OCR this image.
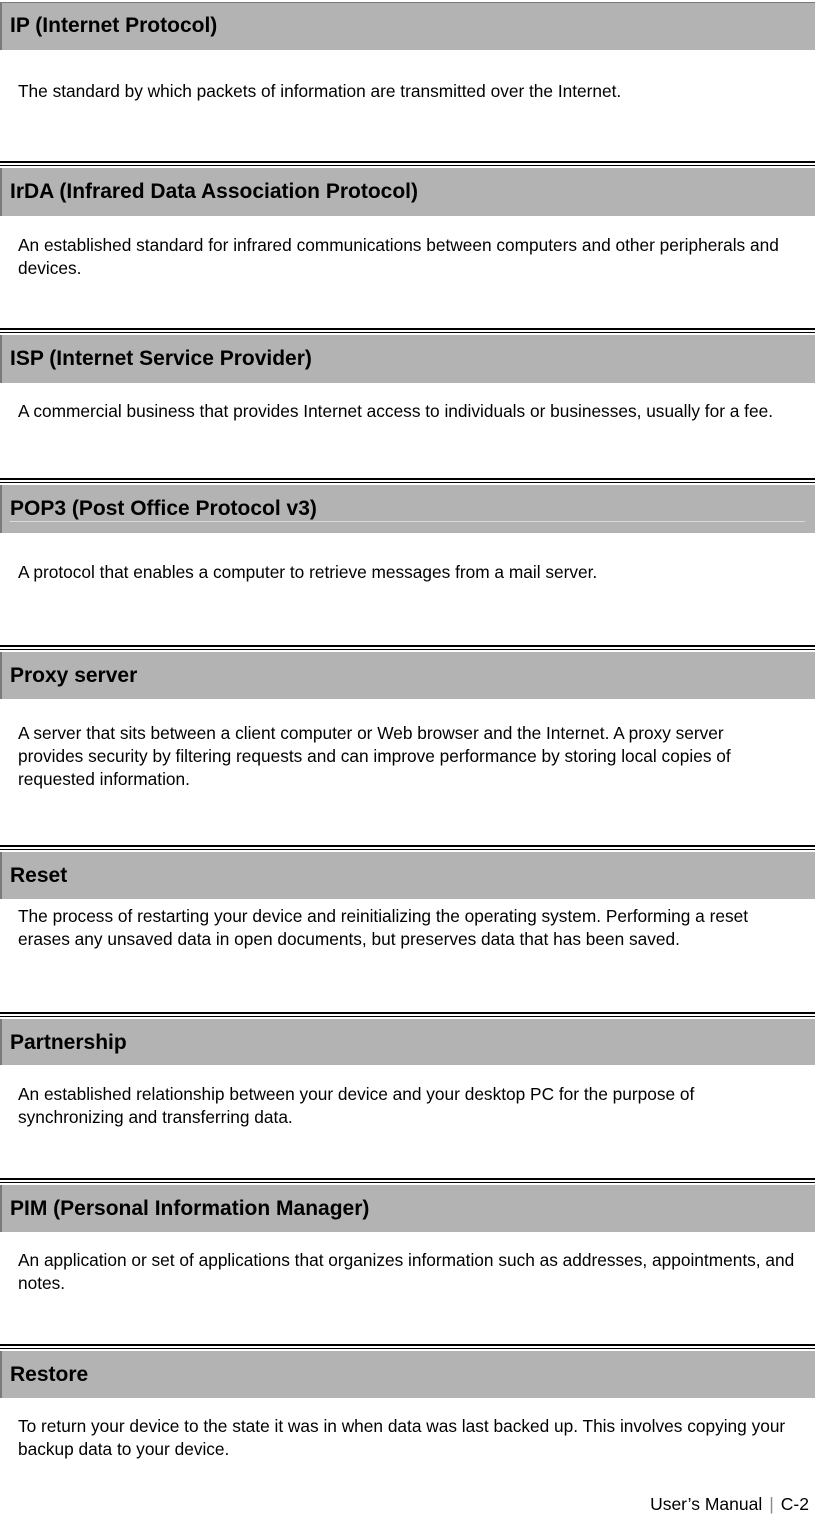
IP (Internet Protocol)
The standard by which packets of information are transmitted over the Internet.
IrDA (Infrared Data Association Protocol)
An established standard for infrared communications between computers and other peripherals and devices.
ISP (Internet Service Provider)
A commercial business that provides Internet access to individuals or businesses, usually for a fee.
POP3 (Post Office Protocol v3)
A protocol that enables a computer to retrieve messages from a mail server.
Proxy server
A server that sits between a client computer or Web browser and the Internet. A proxy server provides security by filtering requests and can improve performance by storing local copies of requested information.
Reset
The process of restarting your device and reinitializing the operating system. Performing a reset erases any unsaved data in open documents, but preserves data that has been saved.
Partnership
An established relationship between your device and your desktop PC for the purpose of synchronizing and transferring data.
PIM (Personal Information Manager)
An application or set of applications that organizes information such as addresses, appointments, and notes.
Restore
To return your device to the state it was in when data was last backed up. This involves copying your backup data to your device.
User’s Manual | C-2
